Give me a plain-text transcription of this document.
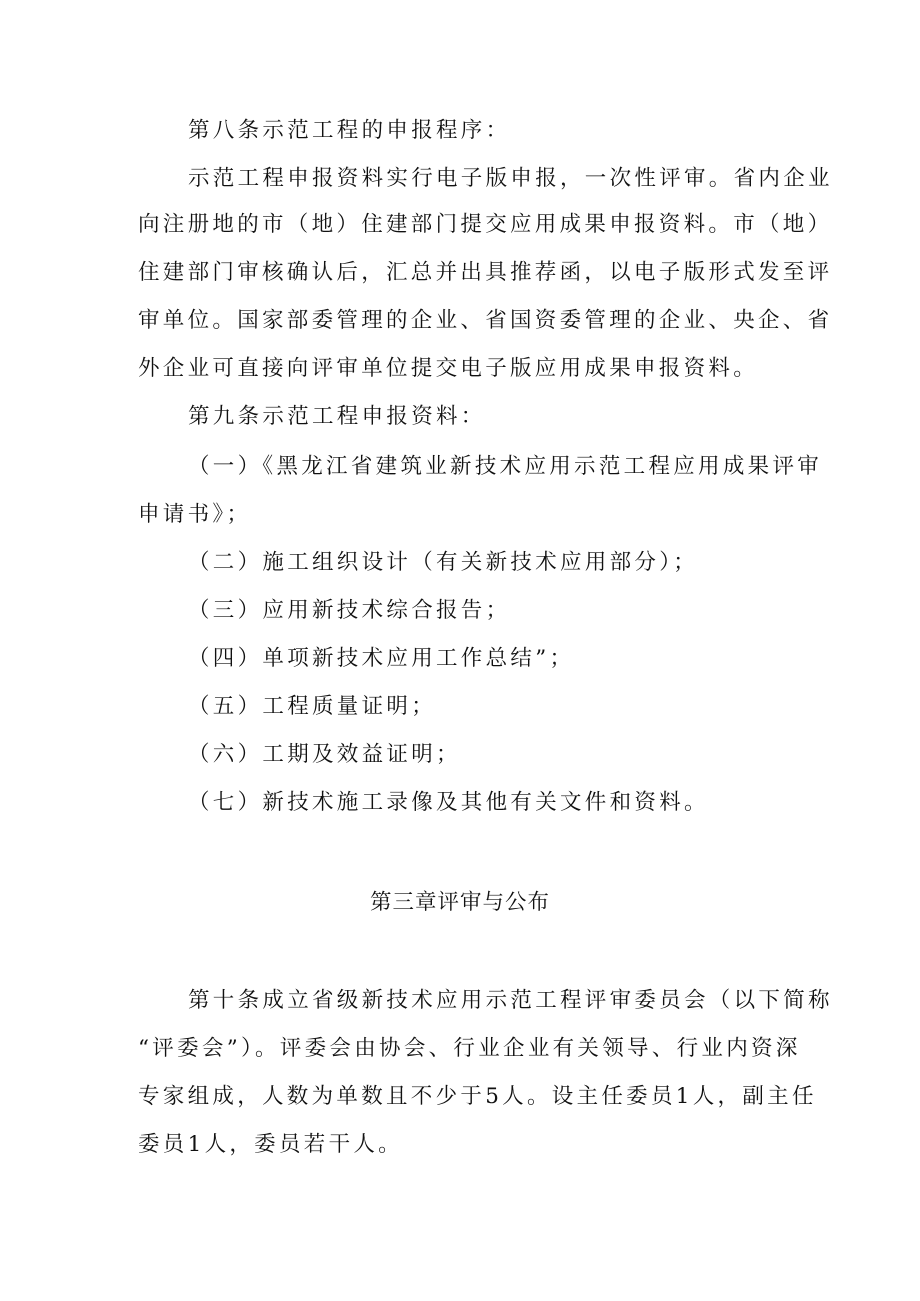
第八条示范工程的申报程序：
示范工程申报资料实行电子版申报，一次性评审。省内企业
向注册地的市（地）住建部门提交应用成果申报资料。市（地）
住建部门审核确认后，汇总并出具推荐函，以电子版形式发至评
审单位。国家部委管理的企业、省国资委管理的企业、央企、省
外企业可直接向评审单位提交电子版应用成果申报资料。
第九条示范工程申报资料：
（一）《黑龙江省建筑业新技术应用示范工程应用成果评审
申请书》；
（二）施工组织设计（有关新技术应用部分）；
（三）应用新技术综合报告；
（四）单项新技术应用工作总结”；
（五）工程质量证明；
（六）工期及效益证明；
（七）新技术施工录像及其他有关文件和资料。
第三章评审与公布
第十条成立省级新技术应用示范工程评审委员会（以下简称
“评委会”）。评委会由协会、行业企业有关领导、行业内资深
专家组成，人数为单数且不少于5人。设主任委员1人，副主任
委员1人，委员若干人。
